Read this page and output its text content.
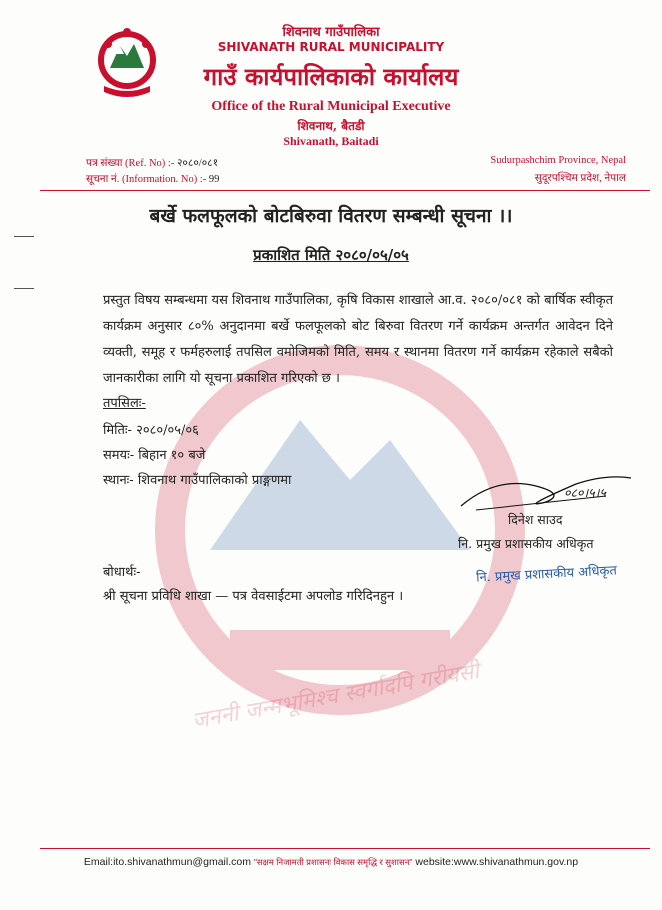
जननी जन्मभूमिश्च स्वर्गादपि गरीयसी
शिवनाथ गाउँपालिका
SHIVANATH RURAL MUNICIPALITY
गाउँ कार्यपालिकाको कार्यालय
Office of the Rural Municipal Executive
शिवनाथ, बैतडी
Shivanath, Baitadi
पत्र संख्या (Ref. No) :- २०८०/०८१
सूचना नं. (Information. No) :- 99
Sudurpashchim Province, Nepal
सुदूरपश्चिम प्रदेश, नेपाल
बर्खे फलफूलको बोटबिरुवा वितरण सम्बन्धी सूचना ।।
प्रकाशित मिति २०८०/०५/०५
प्रस्तुत विषय सम्बन्धमा यस शिवनाथ गाउँपालिका, कृषि विकास शाखाले आ.व. २०८०/०८१ को बार्षिक स्वीकृत कार्यक्रम अनुसार ८०% अनुदानमा बर्खे फलफूलको बोट बिरुवा वितरण गर्ने कार्यक्रम अन्तर्गत आवेदन दिने व्यक्ती, समूह र फर्महरुलाई तपसिल वमोजिमको मिति, समय र स्थानमा वितरण गर्ने कार्यक्रम रहेकाले सबैको जानकारीका लागि यो सूचना प्रकाशित गरिएको छ ।
तपसिलः-
मितिः- २०८०/०५/०६
समयः- बिहान १० बजे
स्थानः- शिवनाथ गाउँपालिकाको प्राङ्गणमा
०८०।५।५
दिनेश साउद
नि. प्रमुख प्रशासकीय अधिकृत
नि. प्रमुख प्रशासकीय अधिकृत
बोधार्थः-
श्री सूचना प्रविधि शाखा — पत्र वेवसाईटमा अपलोड गरिदिनहुन ।
Email:ito.shivanathmun@gmail.com "सक्षम निजामती प्रशासनः विकास समृद्धि र सुशासन" website:www.shivanathmun.gov.np
